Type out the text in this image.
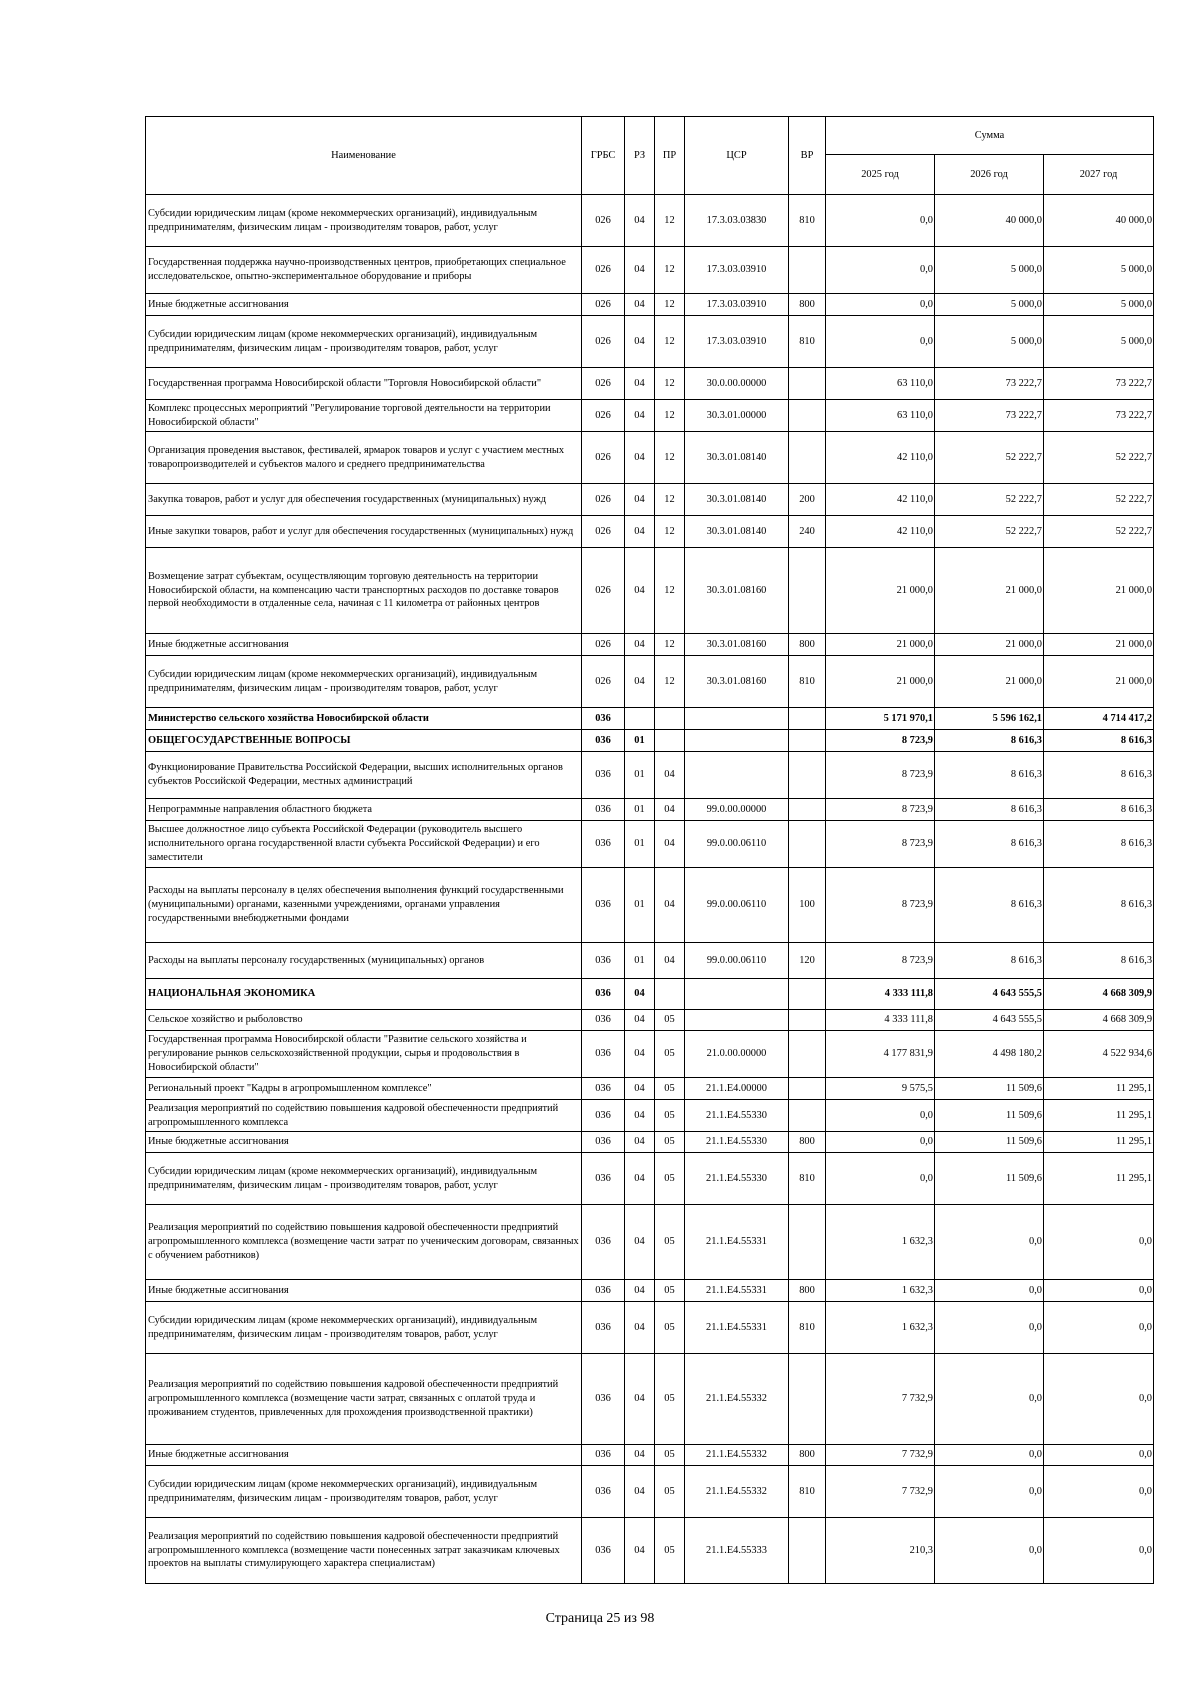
Наименование	ГРБС	РЗ	ПР	ЦСР	ВР	Сумма		
						2025 год	2026 год	2027 год
Субсидии юридическим лицам (кроме некоммерческих организаций), индивидуальным предпринимателям, физическим лицам - производителям товаров, работ, услуг	026	04	12	17.3.03.03830	810	0,0	40 000,0	40 000,0
Государственная поддержка научно-производственных центров, приобретающих специальное исследовательское, опытно-экспериментальное оборудование и приборы	026	04	12	17.3.03.03910		0,0	5 000,0	5 000,0
Иные бюджетные ассигнования	026	04	12	17.3.03.03910	800	0,0	5 000,0	5 000,0
Субсидии юридическим лицам (кроме некоммерческих организаций), индивидуальным предпринимателям, физическим лицам - производителям товаров, работ, услуг	026	04	12	17.3.03.03910	810	0,0	5 000,0	5 000,0
Государственная программа Новосибирской области "Торговля Новосибирской области"	026	04	12	30.0.00.00000		63 110,0	73 222,7	73 222,7
Комплекс процессных мероприятий "Регулирование торговой деятельности на территории Новосибирской области"	026	04	12	30.3.01.00000		63 110,0	73 222,7	73 222,7
Организация проведения выставок, фестивалей, ярмарок товаров и услуг с участием местных товаропроизводителей и субъектов малого и среднего предпринимательства	026	04	12	30.3.01.08140		42 110,0	52 222,7	52 222,7
Закупка товаров, работ и услуг для обеспечения государственных (муниципальных) нужд	026	04	12	30.3.01.08140	200	42 110,0	52 222,7	52 222,7
Иные закупки товаров, работ и услуг для обеспечения государственных (муниципальных) нужд	026	04	12	30.3.01.08140	240	42 110,0	52 222,7	52 222,7
Возмещение затрат субъектам, осуществляющим торговую деятельность на территории Новосибирской области, на компенсацию части транспортных расходов по доставке товаров первой необходимости в отдаленные села, начиная с 11 километра от районных центров	026	04	12	30.3.01.08160		21 000,0	21 000,0	21 000,0
Иные бюджетные ассигнования	026	04	12	30.3.01.08160	800	21 000,0	21 000,0	21 000,0
Субсидии юридическим лицам (кроме некоммерческих организаций), индивидуальным предпринимателям, физическим лицам - производителям товаров, работ, услуг	026	04	12	30.3.01.08160	810	21 000,0	21 000,0	21 000,0
Министерство сельского хозяйства Новосибирской области	036					5 171 970,1	5 596 162,1	4 714 417,2
ОБЩЕГОСУДАРСТВЕННЫЕ ВОПРОСЫ	036	01				8 723,9	8 616,3	8 616,3
Функционирование Правительства Российской Федерации, высших исполнительных органов субъектов Российской Федерации, местных администраций	036	01	04			8 723,9	8 616,3	8 616,3
Непрограммные направления областного бюджета	036	01	04	99.0.00.00000		8 723,9	8 616,3	8 616,3
Высшее должностное лицо субъекта Российской Федерации (руководитель высшего исполнительного органа государственной власти субъекта Российской Федерации) и его заместители	036	01	04	99.0.00.06110		8 723,9	8 616,3	8 616,3
Расходы на выплаты персоналу в целях обеспечения выполнения функций государственными (муниципальными) органами, казенными учреждениями, органами управления государственными внебюджетными фондами	036	01	04	99.0.00.06110	100	8 723,9	8 616,3	8 616,3
Расходы на выплаты персоналу государственных (муниципальных) органов	036	01	04	99.0.00.06110	120	8 723,9	8 616,3	8 616,3
НАЦИОНАЛЬНАЯ ЭКОНОМИКА	036	04				4 333 111,8	4 643 555,5	4 668 309,9
Сельское хозяйство и рыболовство	036	04	05			4 333 111,8	4 643 555,5	4 668 309,9
Государственная программа Новосибирской области "Развитие сельского хозяйства и регулирование рынков сельскохозяйственной продукции, сырья и продовольствия в Новосибирской области"	036	04	05	21.0.00.00000		4 177 831,9	4 498 180,2	4 522 934,6
Региональный проект "Кадры в агропромышленном комплексе"	036	04	05	21.1.E4.00000		9 575,5	11 509,6	11 295,1
Реализация мероприятий по содействию повышения кадровой обеспеченности предприятий агропромышленного комплекса	036	04	05	21.1.E4.55330		0,0	11 509,6	11 295,1
Иные бюджетные ассигнования	036	04	05	21.1.E4.55330	800	0,0	11 509,6	11 295,1
Субсидии юридическим лицам (кроме некоммерческих организаций), индивидуальным предпринимателям, физическим лицам - производителям товаров, работ, услуг	036	04	05	21.1.E4.55330	810	0,0	11 509,6	11 295,1
Реализация мероприятий по содействию повышения кадровой обеспеченности предприятий агропромышленного комплекса (возмещение части затрат по ученическим договорам, связанных с обучением работников)	036	04	05	21.1.E4.55331		1 632,3	0,0	0,0
Иные бюджетные ассигнования	036	04	05	21.1.E4.55331	800	1 632,3	0,0	0,0
Субсидии юридическим лицам (кроме некоммерческих организаций), индивидуальным предпринимателям, физическим лицам - производителям товаров, работ, услуг	036	04	05	21.1.E4.55331	810	1 632,3	0,0	0,0
Реализация мероприятий по содействию повышения кадровой обеспеченности предприятий агропромышленного комплекса (возмещение части затрат, связанных с оплатой труда и проживанием студентов, привлеченных для прохождения производственной практики)	036	04	05	21.1.E4.55332		7 732,9	0,0	0,0
Иные бюджетные ассигнования	036	04	05	21.1.E4.55332	800	7 732,9	0,0	0,0
Субсидии юридическим лицам (кроме некоммерческих организаций), индивидуальным предпринимателям, физическим лицам - производителям товаров, работ, услуг	036	04	05	21.1.E4.55332	810	7 732,9	0,0	0,0
Реализация мероприятий по содействию повышения кадровой обеспеченности предприятий агропромышленного комплекса (возмещение части понесенных затрат заказчикам ключевых проектов на выплаты стимулирующего характера специалистам)	036	04	05	21.1.E4.55333		210,3	0,0	0,0
Страница 25 из 98
